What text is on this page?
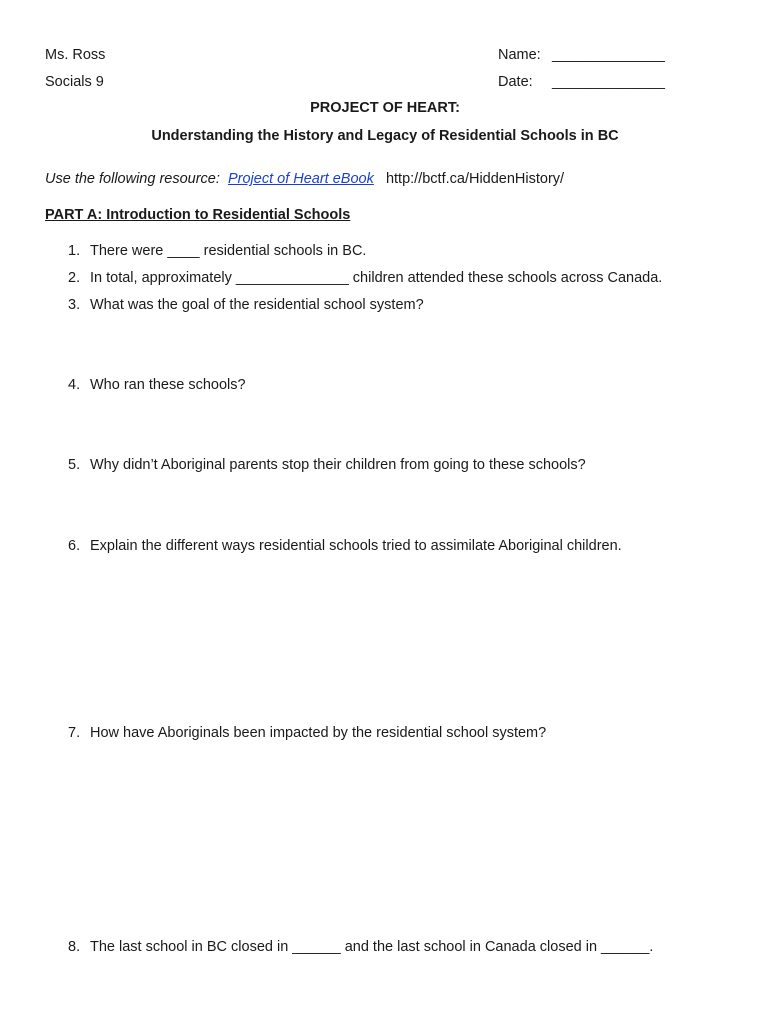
Ms. Ross
Socials 9
Name: ______________
Date: ______________
PROJECT OF HEART:
Understanding the History and Legacy of Residential Schools in BC
Use the following resource: Project of Heart eBook http://bctf.ca/HiddenHistory/
PART A: Introduction to Residential Schools
1. There were ____ residential schools in BC.
2. In total, approximately ______________ children attended these schools across Canada.
3. What was the goal of the residential school system?
4. Who ran these schools?
5. Why didn’t Aboriginal parents stop their children from going to these schools?
6. Explain the different ways residential schools tried to assimilate Aboriginal children.
7. How have Aboriginals been impacted by the residential school system?
8. The last school in BC closed in ______ and the last school in Canada closed in ______.
